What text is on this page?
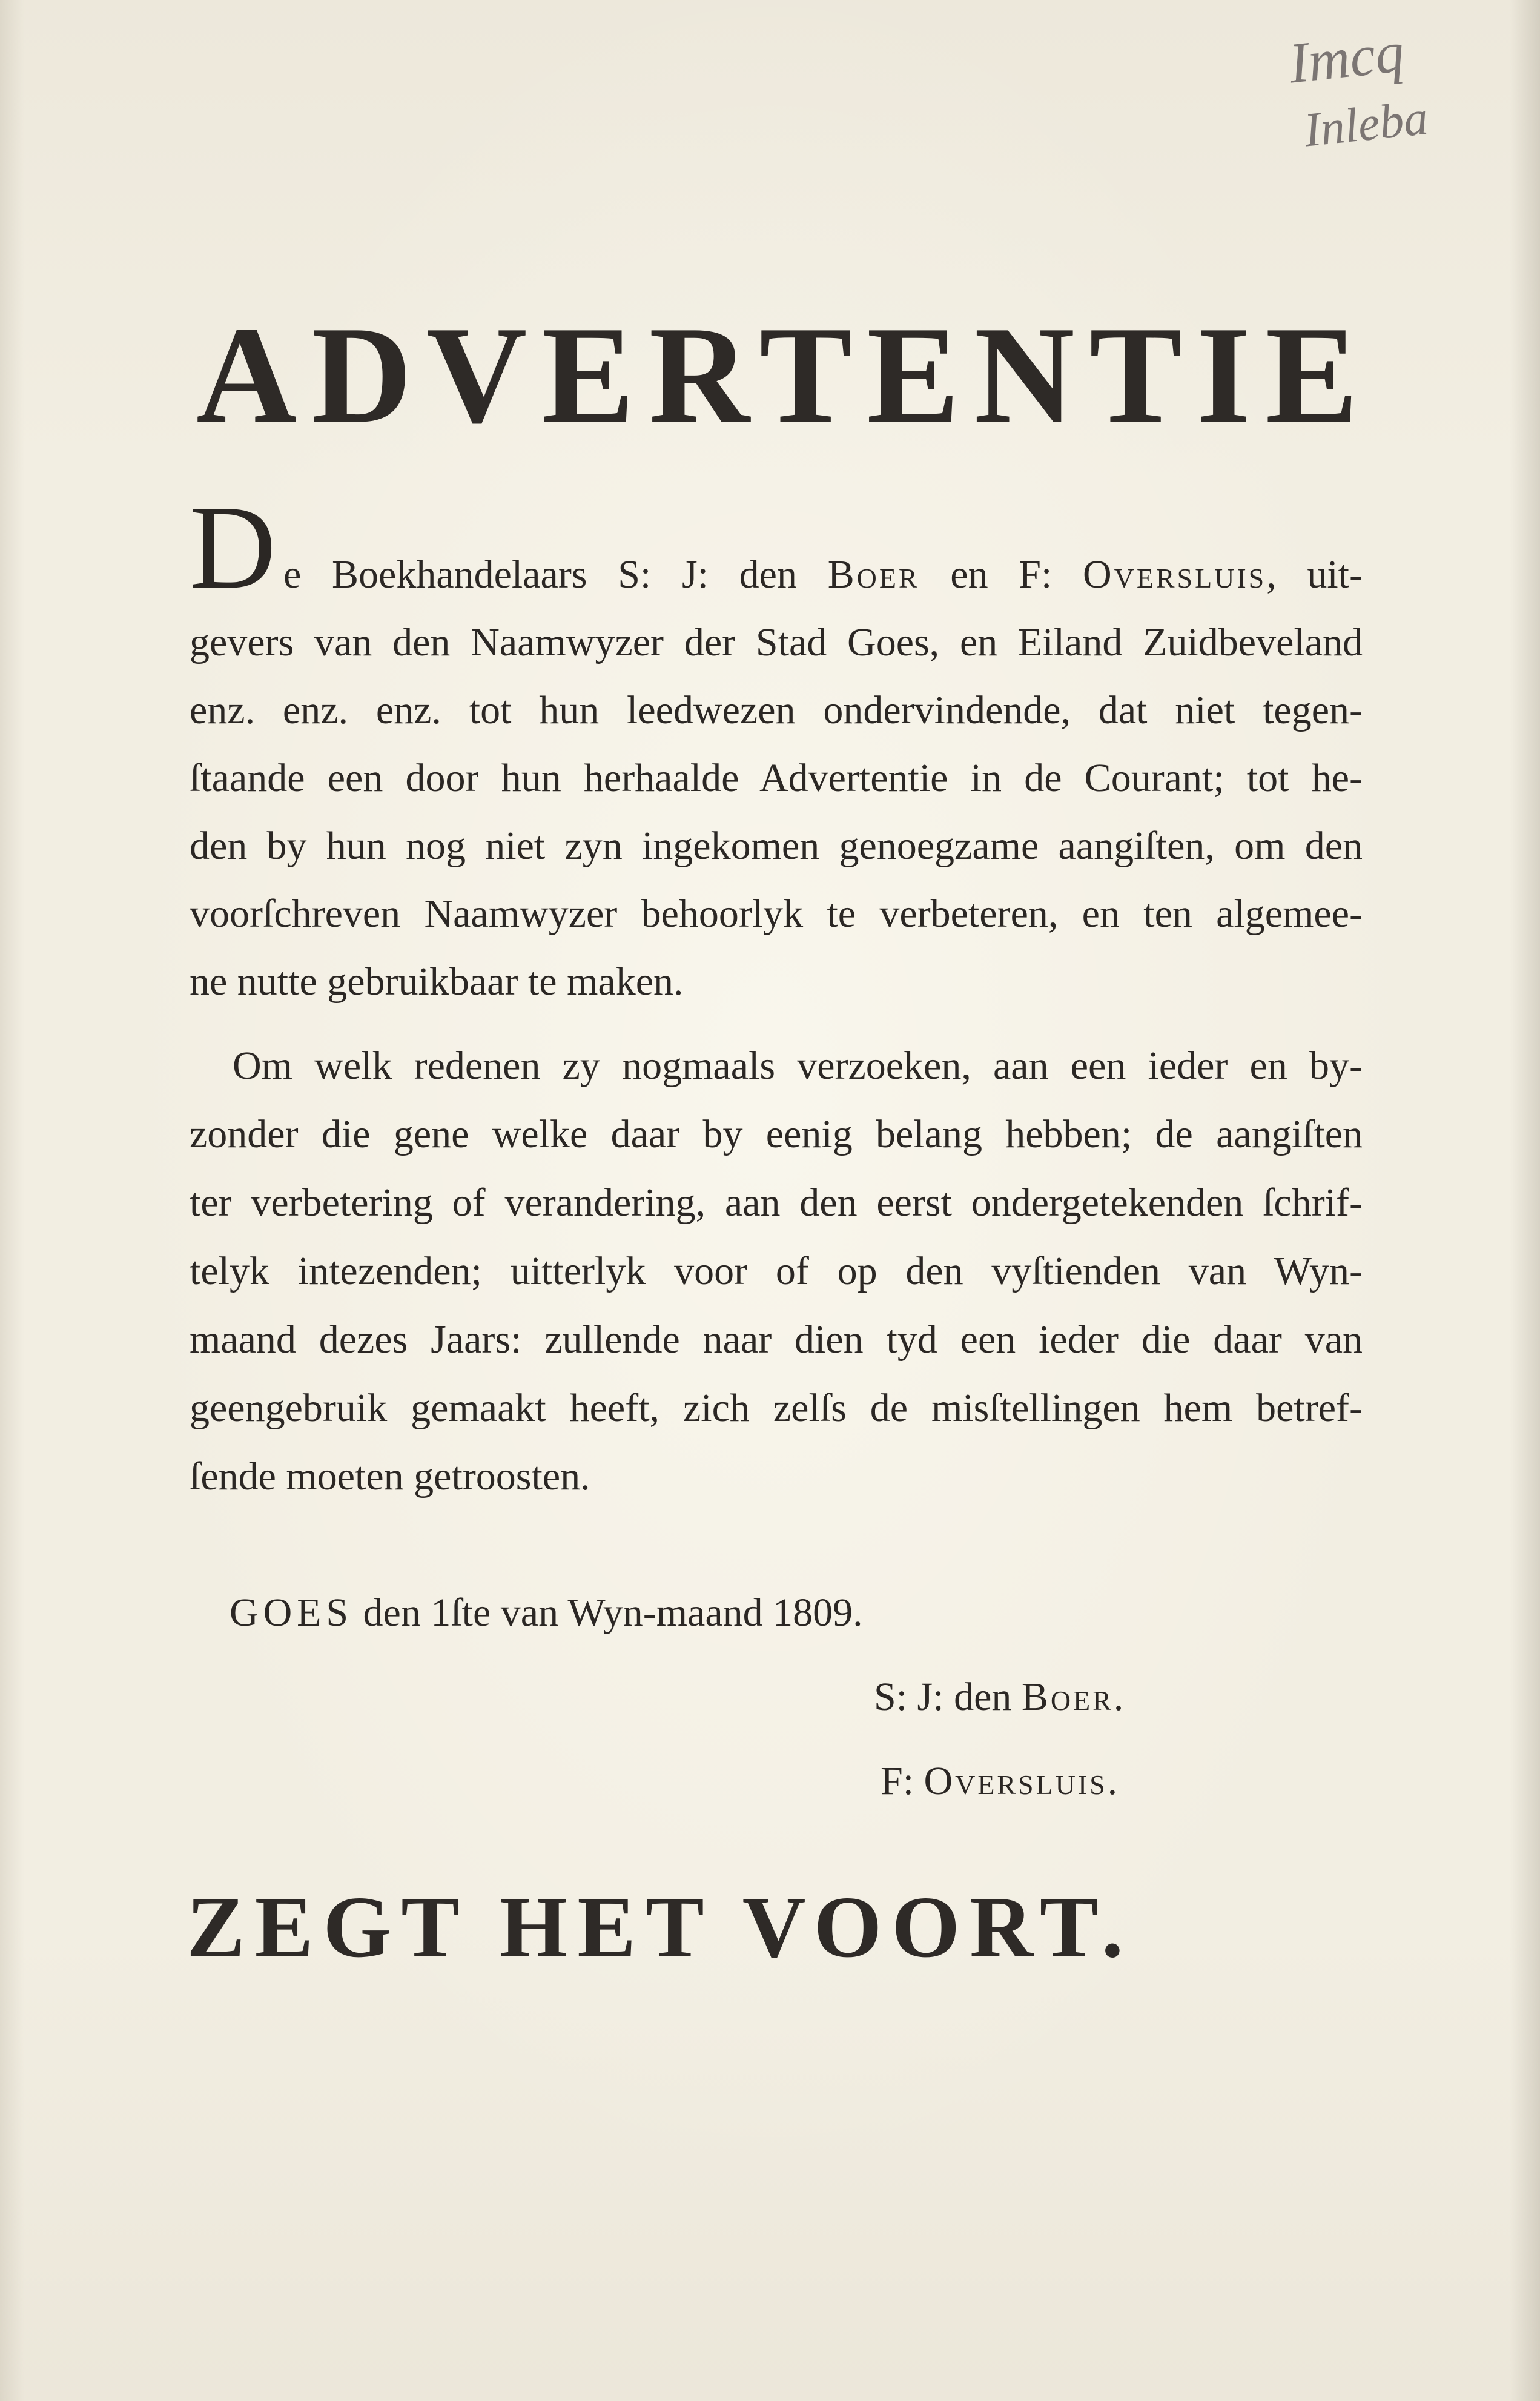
Imcq
Inleba
ADVERTENTIE
D e Boekhandelaars S: J: den Boer en F: Oversluis, uit-
gevers van den Naamwyzer der Stad Goes, en Eiland Zuidbeveland
enz. enz. enz. tot hun leedwezen ondervindende, dat niet tegen-
ſtaande een door hun herhaalde Advertentie in de Courant; tot he-
den by hun nog niet zyn ingekomen genoegzame aangiſten, om den
voorſchreven Naamwyzer behoorlyk te verbeteren, en ten algemee-
ne nutte gebruikbaar te maken.
Om welk redenen zy nogmaals verzoeken, aan een ieder en by-
zonder die gene welke daar by eenig belang hebben; de aangiſten
ter verbetering of verandering, aan den eerst ondergetekenden ſchrif-
telyk intezenden; uitterlyk voor of op den vyſtienden van Wyn-
maand dezes Jaars: zullende naar dien tyd een ieder die daar van
geengebruik gemaakt heeft, zich zelſs de misſtellingen hem betref-
ſende moeten getroosten.
GOES den 1ſte van Wyn-maand 1809.
S: J: den Boer.
F: Oversluis.
ZEGT HET VOORT.
